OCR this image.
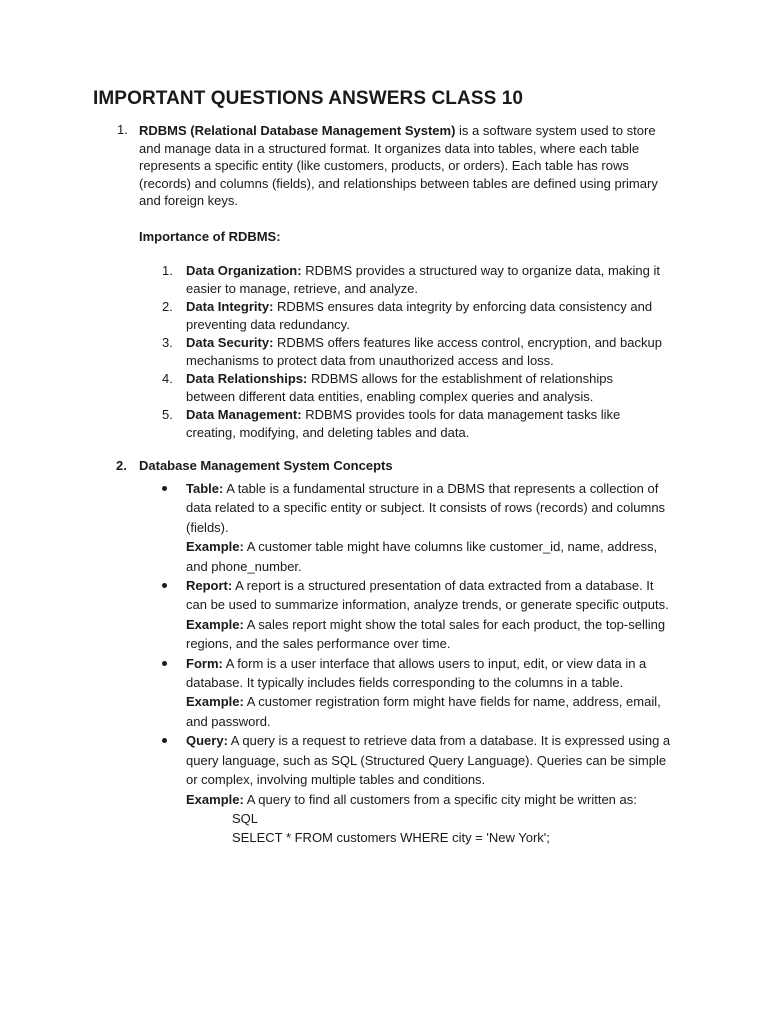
IMPORTANT QUESTIONS ANSWERS CLASS 10
1. RDBMS (Relational Database Management System) is a software system used to store and manage data in a structured format. It organizes data into tables, where each table represents a specific entity (like customers, products, or orders). Each table has rows (records) and columns (fields), and relationships between tables are defined using primary and foreign keys.
Importance of RDBMS:
1. Data Organization: RDBMS provides a structured way to organize data, making it easier to manage, retrieve, and analyze.
2. Data Integrity: RDBMS ensures data integrity by enforcing data consistency and preventing data redundancy.
3. Data Security: RDBMS offers features like access control, encryption, and backup mechanisms to protect data from unauthorized access and loss.
4. Data Relationships: RDBMS allows for the establishment of relationships between different data entities, enabling complex queries and analysis.
5. Data Management: RDBMS provides tools for data management tasks like creating, modifying, and deleting tables and data.
2. Database Management System Concepts
Table: A table is a fundamental structure in a DBMS that represents a collection of data related to a specific entity or subject. It consists of rows (records) and columns (fields).
Example: A customer table might have columns like customer_id, name, address, and phone_number.
Report: A report is a structured presentation of data extracted from a database. It can be used to summarize information, analyze trends, or generate specific outputs.
Example: A sales report might show the total sales for each product, the top-selling regions, and the sales performance over time.
Form: A form is a user interface that allows users to input, edit, or view data in a database. It typically includes fields corresponding to the columns in a table.
Example: A customer registration form might have fields for name, address, email, and password.
Query: A query is a request to retrieve data from a database. It is expressed using a query language, such as SQL (Structured Query Language). Queries can be simple or complex, involving multiple tables and conditions.
Example: A query to find all customers from a specific city might be written as:
SQL
SELECT * FROM customers WHERE city = 'New York';
